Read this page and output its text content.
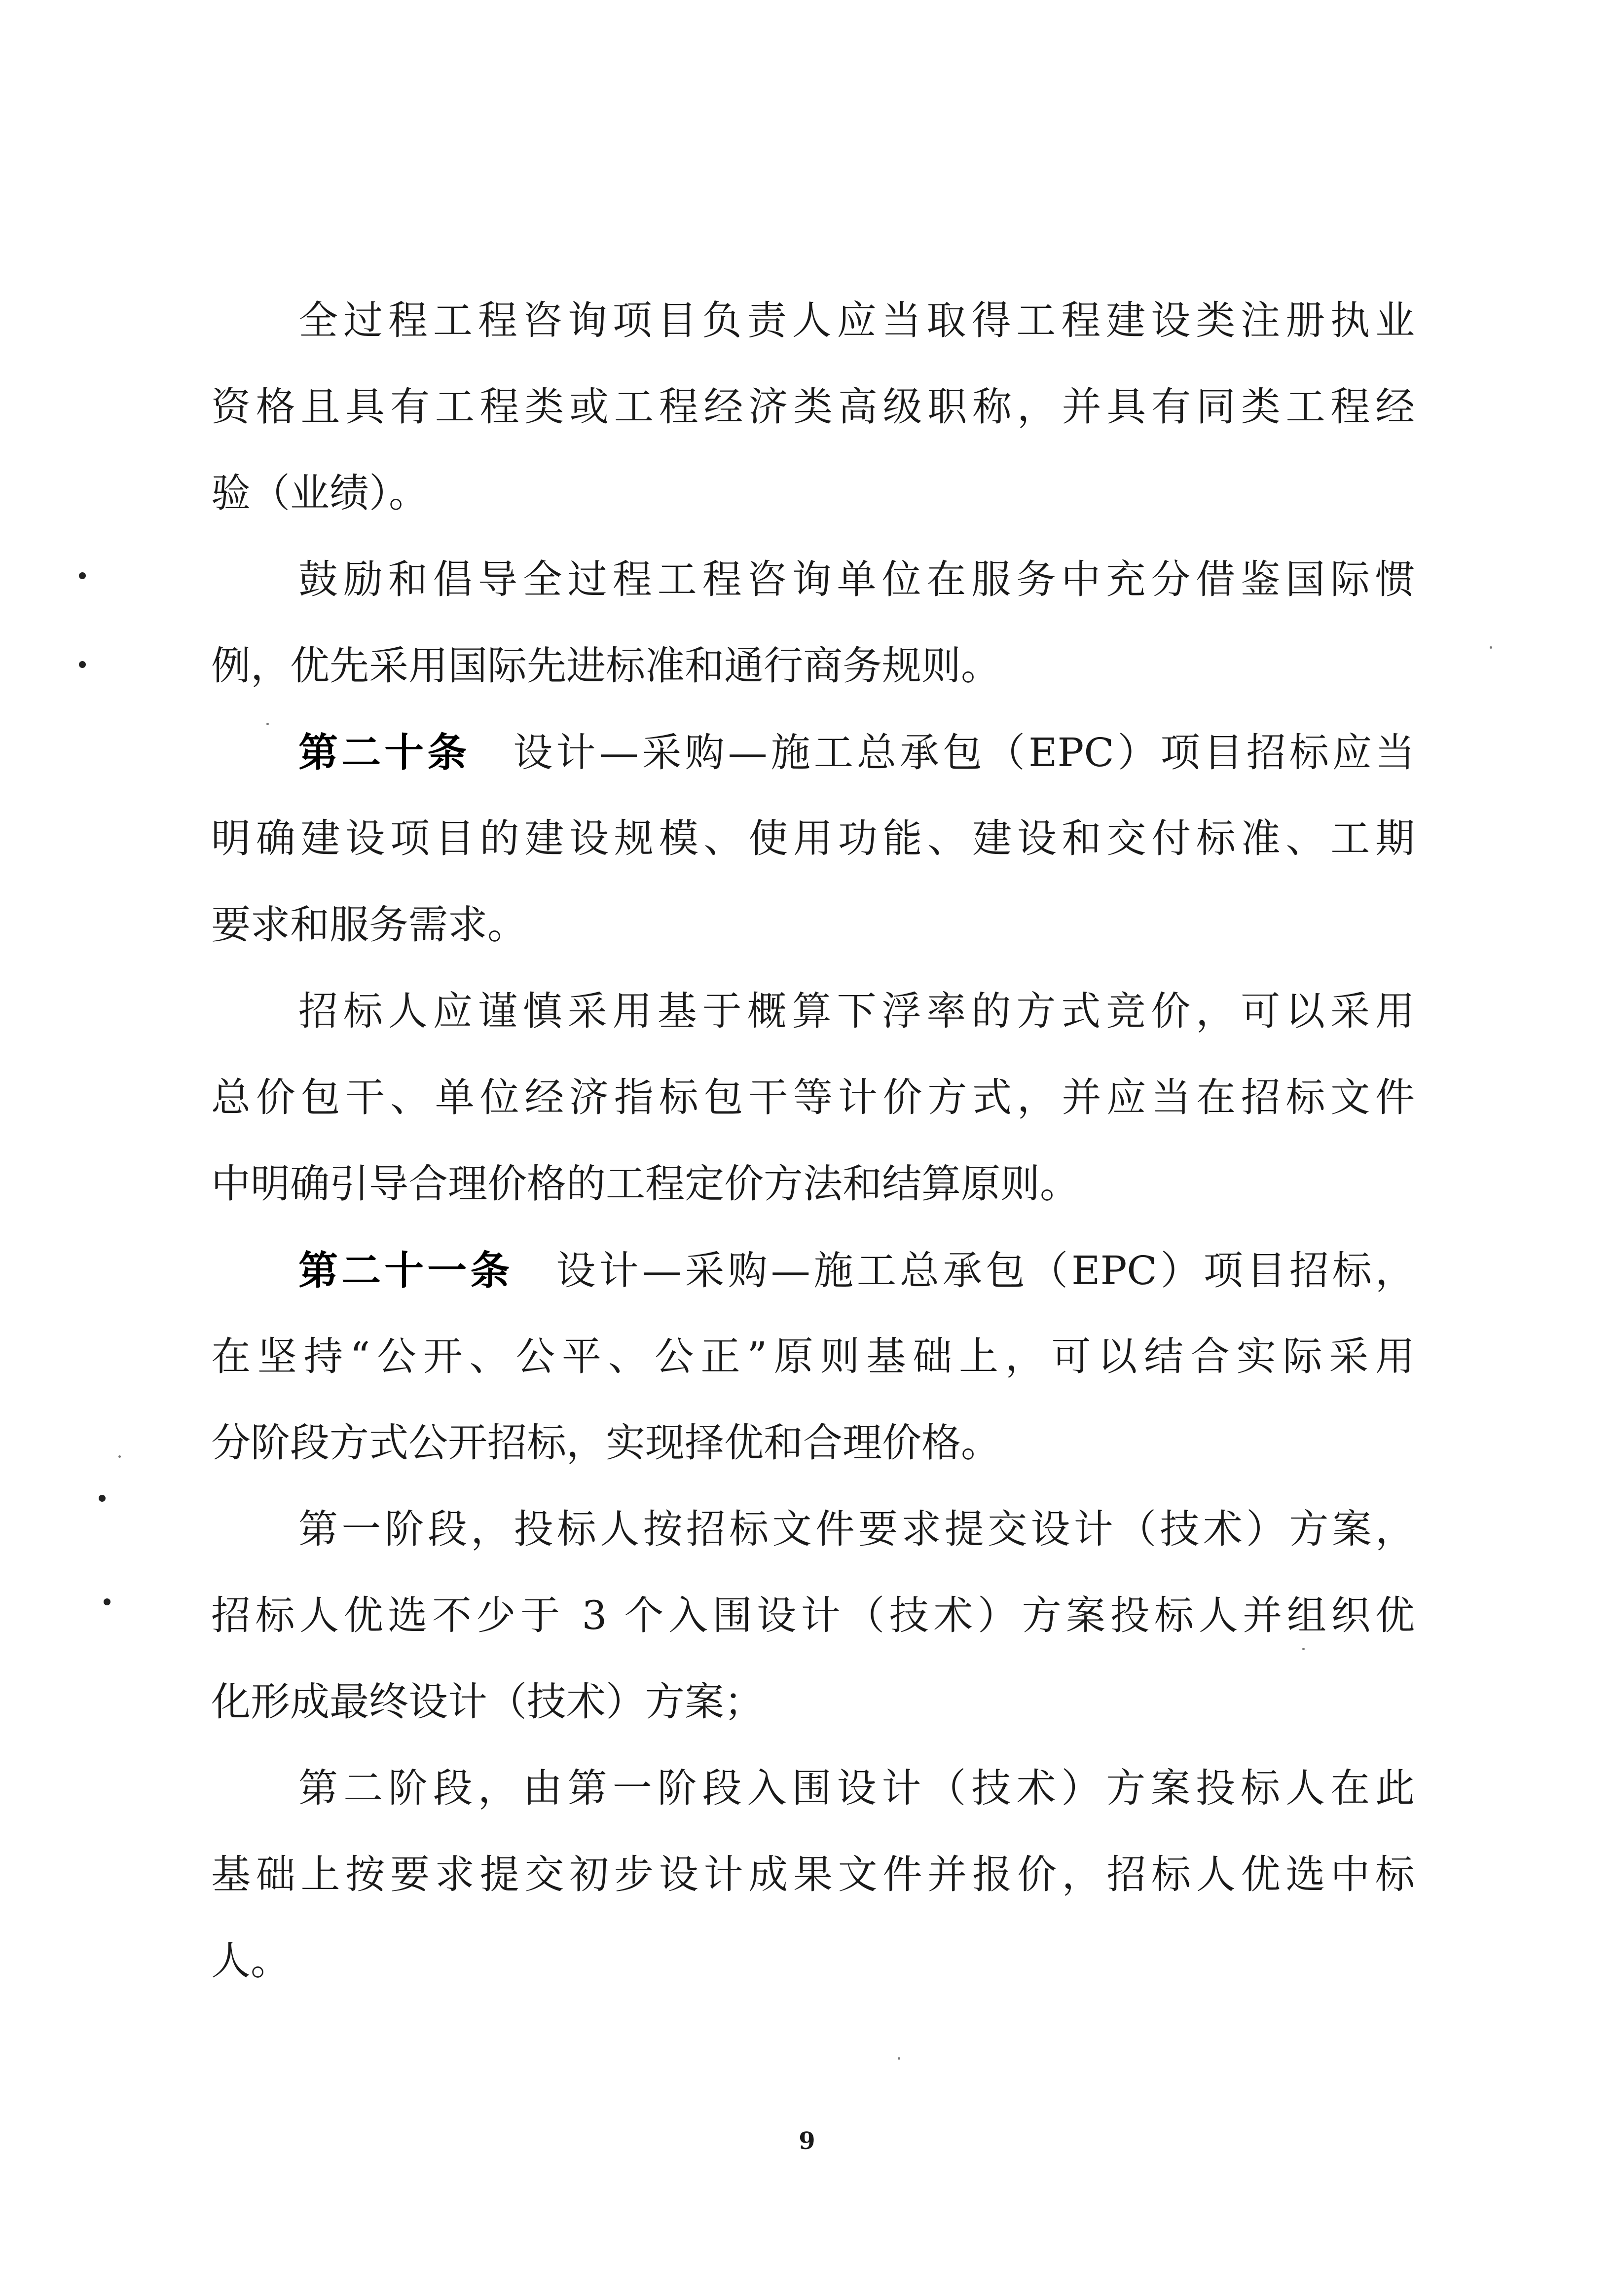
全过程工程咨询项目负责人应当取得工程建设类注册执业
资格且具有工程类或工程经济类高级职称，并具有同类工程经
验（业绩）。
鼓励和倡导全过程工程咨询单位在服务中充分借鉴国际惯
例，优先采用国际先进标准和通行商务规则。
第二十条　设计—采购—施工总承包（EPC）项目招标应当
明确建设项目的建设规模、使用功能、建设和交付标准、工期
要求和服务需求。
招标人应谨慎采用基于概算下浮率的方式竞价，可以采用
总价包干、单位经济指标包干等计价方式，并应当在招标文件
中明确引导合理价格的工程定价方法和结算原则。
第二十一条　设计—采购—施工总承包（EPC）项目招标，
在坚持“公开、公平、公正”原则基础上，可以结合实际采用
分阶段方式公开招标，实现择优和合理价格。
第一阶段，投标人按招标文件要求提交设计（技术）方案，
招标人优选不少于 3 个入围设计（技术）方案投标人并组织优
化形成最终设计（技术）方案；
第二阶段，由第一阶段入围设计（技术）方案投标人在此
基础上按要求提交初步设计成果文件并报价，招标人优选中标
人。
9
